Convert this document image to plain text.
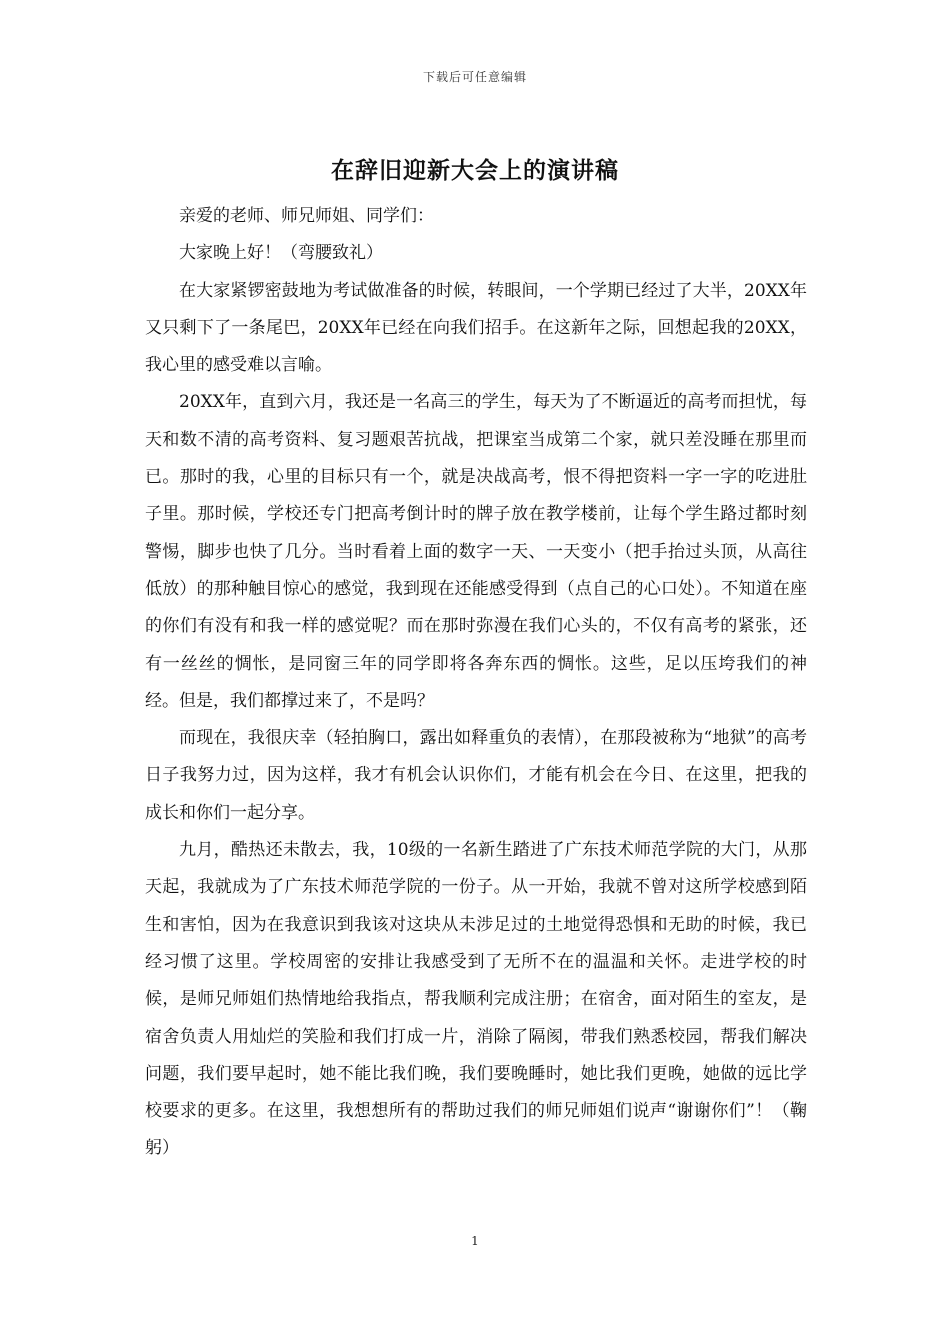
下载后可任意编辑
在辞旧迎新大会上的演讲稿

亲爱的老师、师兄师姐、同学们：

大家晚上好！（弯腰致礼）

在大家紧锣密鼓地为考试做准备的时候，转眼间，一个学期已经过了大半，20XX年又只剩下了一条尾巴，20XX年已经在向我们招手。在这新年之际，回想起我的20XX，我心里的感受难以言喻。

20XX年，直到六月，我还是一名高三的学生，每天为了不断逼近的高考而担忧，每天和数不清的高考资料、复习题艰苦抗战，把课室当成第二个家，就只差没睡在那里而已。那时的我，心里的目标只有一个，就是决战高考，恨不得把资料一字一字的吃进肚子里。那时候，学校还专门把高考倒计时的牌子放在教学楼前，让每个学生路过都时刻警惕，脚步也快了几分。当时看着上面的数字一天、一天变小（把手抬过头顶，从高往低放）的那种触目惊心的感觉，我到现在还能感受得到（点自己的心口处）。不知道在座的你们有没有和我一样的感觉呢？而在那时弥漫在我们心头的，不仅有高考的紧张，还有一丝丝的惆怅，是同窗三年的同学即将各奔东西的惆怅。这些，足以压垮我们的神经。但是，我们都撑过来了，不是吗？

而现在，我很庆幸（轻拍胸口，露出如释重负的表情），在那段被称为“地狱”的高考日子我努力过，因为这样，我才有机会认识你们，才能有机会在今日、在这里，把我的成长和你们一起分享。

九月，酷热还未散去，我，10级的一名新生踏进了广东技术师范学院的大门，从那天起，我就成为了广东技术师范学院的一份子。从一开始，我就不曾对这所学校感到陌生和害怕，因为在我意识到我该对这块从未涉足过的土地觉得恐惧和无助的时候，我已经习惯了这里。学校周密的安排让我感受到了无所不在的温温和关怀。走进学校的时候，是师兄师姐们热情地给我指点，帮我顺利完成注册；在宿舍，面对陌生的室友，是宿舍负责人用灿烂的笑脸和我们打成一片，消除了隔阂，带我们熟悉校园，帮我们解决问题，我们要早起时，她不能比我们晚，我们要晚睡时，她比我们更晚，她做的远比学校要求的更多。在这里，我想想所有的帮助过我们的师兄师姐们说声“谢谢你们”！（鞠躬）

1
